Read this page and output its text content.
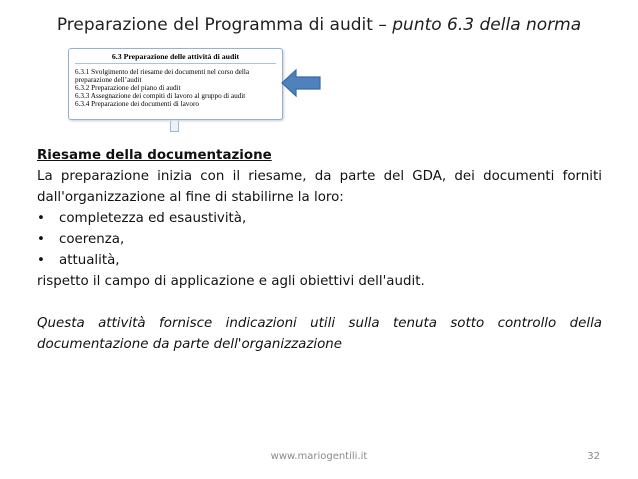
Preparazione del Programma di audit – punto 6.3 della norma
6.3 Preparazione delle attività di audit
6.3.1 Svolgimento del riesame dei documenti nel corso della preparazione dell’audit
6.3.2 Preparazione del piano di audit
6.3.3 Assegnazione dei compiti di lavoro al gruppo di audit
6.3.4 Preparazione dei documenti di lavoro
Riesame della documentazione
La preparazione inizia con il riesame, da parte del GDA, dei documenti forniti
dall'organizzazione al fine di stabilirne la loro:
• completezza ed esaustività,
• coerenza,
• attualità,
rispetto il campo di applicazione e agli obiettivi dell'audit.
Questa attività fornisce indicazioni utili sulla tenuta sotto controllo della
documentazione da parte dell'organizzazione
www.mariogentili.it	32
